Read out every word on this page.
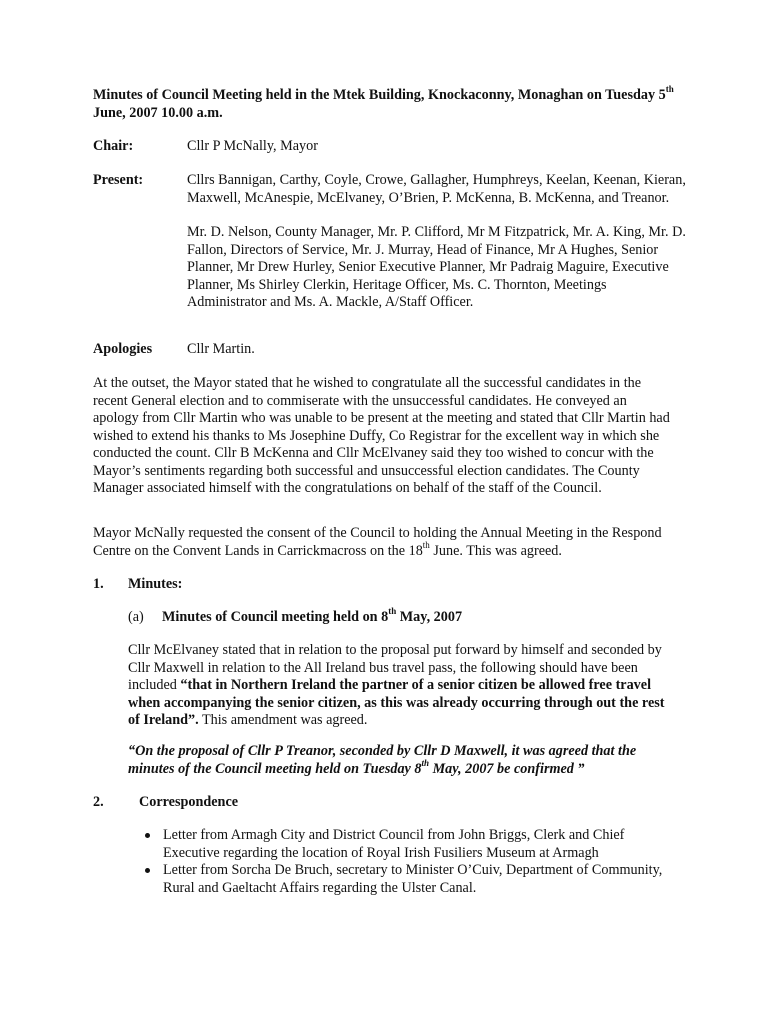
Minutes of Council Meeting held in the Mtek Building, Knockaconny, Monaghan on Tuesday 5th June, 2007 10.00 a.m.
Chair:	Cllr P McNally, Mayor
Present:	Cllrs Bannigan, Carthy, Coyle, Crowe, Gallagher, Humphreys, Keelan, Keenan, Kieran, Maxwell, McAnespie, McElvaney, O’Brien, P. McKenna, B. McKenna, and Treanor.
Mr. D. Nelson, County Manager, Mr. P. Clifford, Mr M Fitzpatrick, Mr. A. King, Mr. D. Fallon, Directors of Service, Mr. J. Murray, Head of Finance, Mr A Hughes, Senior Planner, Mr Drew Hurley, Senior Executive Planner, Mr Padraig Maguire, Executive Planner, Ms Shirley Clerkin, Heritage Officer, Ms. C. Thornton, Meetings Administrator and Ms. A. Mackle, A/Staff Officer.
Apologies	Cllr Martin.
At the outset, the Mayor stated that he wished to congratulate all the successful candidates in the recent General election and to commiserate with the unsuccessful candidates. He conveyed an apology from Cllr Martin who was unable to be present at the meeting and stated that Cllr Martin had wished to extend his thanks to Ms Josephine Duffy, Co Registrar for the excellent way in which she conducted the count. Cllr B McKenna and Cllr McElvaney said they too wished to concur with the Mayor’s sentiments regarding both successful and unsuccessful election candidates. The County Manager associated himself with the congratulations on behalf of the staff of the Council.
Mayor McNally requested the consent of the Council to holding the Annual Meeting in the Respond Centre on the Convent Lands in Carrickmacross on the 18th June. This was agreed.
1. Minutes:
(a) Minutes of Council meeting held on 8th May, 2007
Cllr McElvaney stated that in relation to the proposal put forward by himself and seconded by Cllr Maxwell in relation to the All Ireland bus travel pass, the following should have been included “that in Northern Ireland the partner of a senior citizen be allowed free travel when accompanying the senior citizen, as this was already occurring through out the rest of Ireland”. This amendment was agreed.
“On the proposal of Cllr P Treanor, seconded by Cllr D Maxwell, it was agreed that the minutes of the Council meeting held on Tuesday 8th May, 2007 be confirmed ”
2. Correspondence
Letter from Armagh City and District Council from John Briggs, Clerk and Chief Executive regarding the location of Royal Irish Fusiliers Museum at Armagh
Letter from Sorcha De Bruch, secretary to Minister O’Cuiv, Department of Community, Rural and Gaeltacht Affairs regarding the Ulster Canal.
